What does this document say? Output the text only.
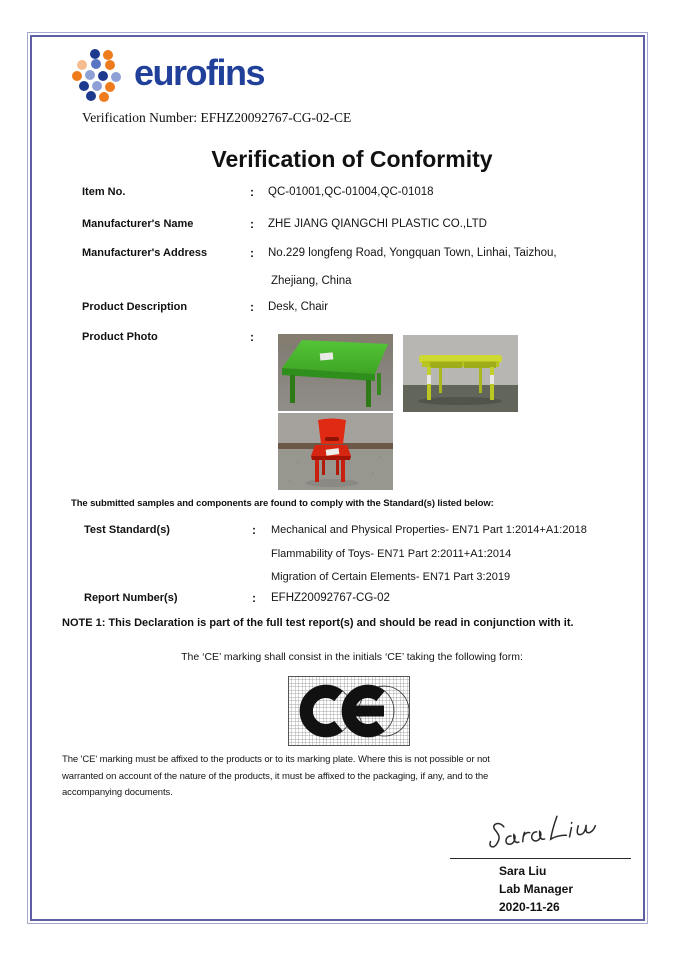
eurofins
Verification Number: EFHZ20092767-CG-02-CE
Verification of Conformity
Item No.	: QC-01001,QC-01004,QC-01018
Manufacturer's Name	: ZHE JIANG QIANGCHI PLASTIC CO.,LTD
Manufacturer's Address	: No.229 longfeng Road, Yongquan Town, Linhai, Taizhou,
Zhejiang, China
Product Description	: Desk, Chair
Product Photo	:
The submitted samples and components are found to comply with the Standard(s) listed below:
Test Standard(s)	: Mechanical and Physical Properties- EN71 Part 1:2014+A1:2018
Flammability of Toys- EN71 Part 2:2011+A1:2014
Migration of Certain Elements- EN71 Part 3:2019
Report Number(s)	: EFHZ20092767-CG-02
NOTE 1: This Declaration is part of the full test report(s) and should be read in conjunction with it.
The ‘CE’ marking shall consist in the initials ‘CE’ taking the following form:
The 'CE' marking must be affixed to the products or to its marking plate. Where this is not possible or not
warranted on account of the nature of the products, it must be affixed to the packaging, if any, and to the
accompanying documents.
Sara Liu
Lab Manager
2020-11-26
